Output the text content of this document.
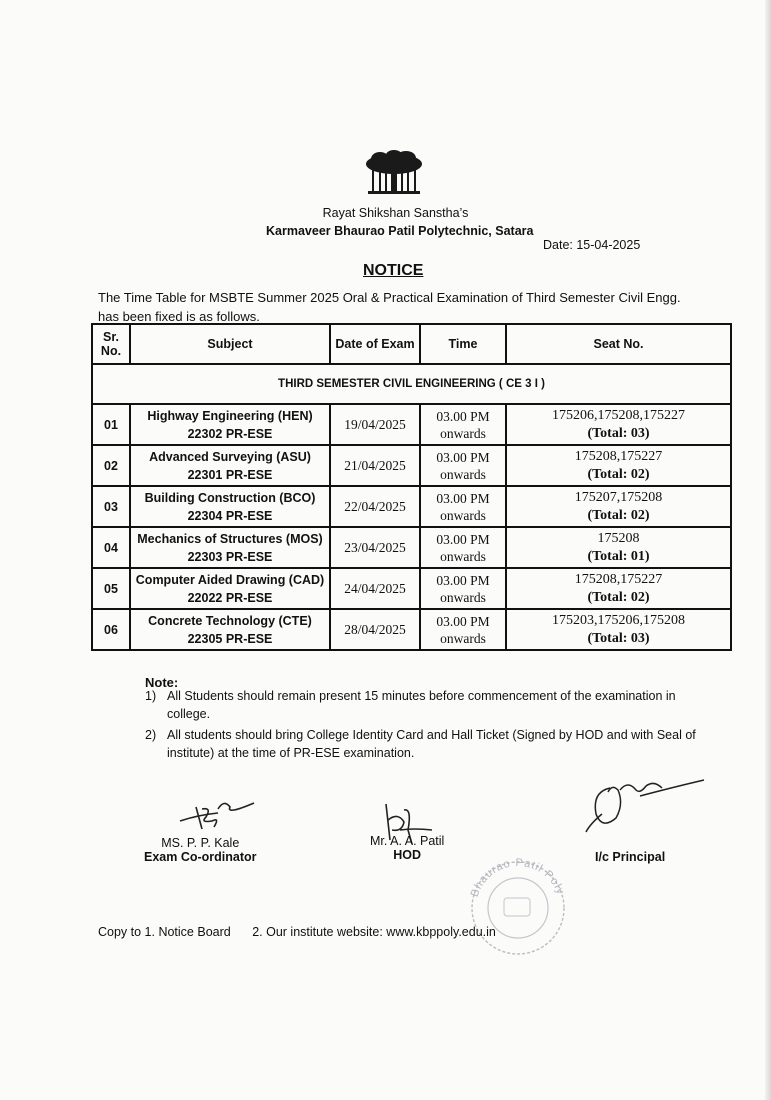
Rayat Shikshan Sanstha’s
Karmaveer Bhaurao Patil Polytechnic, Satara
Date: 15-04-2025
NOTICE
The Time Table for MSBTE Summer 2025 Oral & Practical Examination of Third Semester Civil Engg. has been fixed is as follows.
Sr. No.	Subject	Date of Exam	Time	Seat No.
THIRD SEMESTER CIVIL ENGINEERING ( CE 3 I )				
01	Highway Engineering (HEN) 22302 PR-ESE	19/04/2025	03.00 PM onwards	175206,175208,175227
(Total: 03)

02	Advanced Surveying (ASU) 22301 PR-ESE	21/04/2025	03.00 PM onwards	175208,175227
(Total: 02)

03	Building Construction (BCO) 22304 PR-ESE	22/04/2025	03.00 PM onwards	175207,175208
(Total: 02)

04	Mechanics of Structures (MOS) 22303 PR-ESE	23/04/2025	03.00 PM onwards	175208
(Total: 01)

05	Computer Aided Drawing (CAD) 22022 PR-ESE	24/04/2025	03.00 PM onwards	175208,175227
(Total: 02)

06	Concrete Technology (CTE) 22305 PR-ESE	28/04/2025	03.00 PM onwards	175203,175206,175208
(Total: 03)
Note:
1) All Students should remain present 15 minutes before commencement of the examination in college.
2) All students should bring College Identity Card and Hall Ticket (Signed by HOD and with Seal of institute) at the time of PR-ESE examination.
MS. P. P. Kale
Exam Co-ordinator
Mr. A. A. Patil
HOD	I/c Principal
Bhaurao Patil Poly
Copy to 1. Notice Board 2. Our institute website: www.kbppoly.edu.in
